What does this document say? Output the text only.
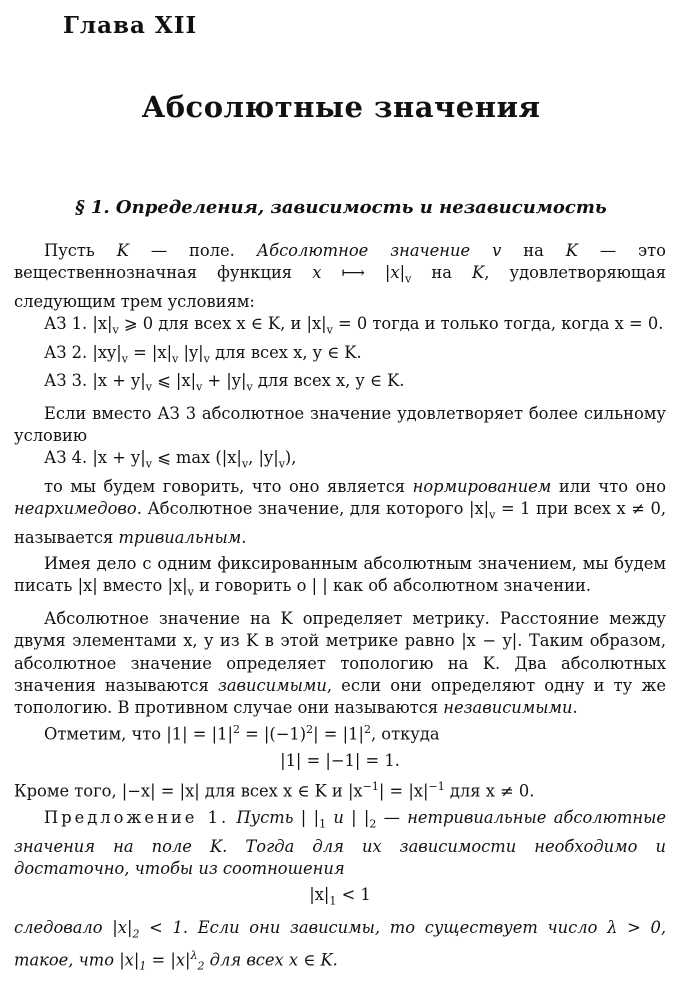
Глава XII
Абсолютные значения
§ 1. Определения, зависимость и независимость

Пусть K — поле. Абсолютное значение v на K — это вещественнозначная функция x ⟼ $|x|_v$ на K, удовлетворяющая следующим трем условиям:

АЗ 1. $|x|_v$ ⩾ 0 для всех x ∈ K, и $|x|_v = 0$ тогда и только тогда, когда x = 0.

АЗ 2. $|xy|_v = |x|_v$ $|y|_v$ для всех x, y ∈ K.

АЗ 3. $|x + y|_v$ ⩽ $|x|_v + |y|_v$ для всех x, y ∈ K.

Если вместо АЗ 3 абсолютное значение удовлетворяет более сильному условию

АЗ 4. $|x + y|_v$ ⩽ $\max (|x|_v$, $|y|_v$),

то мы будем говорить, что оно является нормированием или что оно неархимедово. Абсолютное значение, для которого $|x|_v = 1$ при всех x ≠ 0, называется тривиальным.

Имея дело с одним фиксированным абсолютным значением, мы будем писать |x| вместо $|x|_v$ и говорить о | | как об абсолютном значении.

Абсолютное значение на K определяет метрику. Расстояние между двумя элементами x, y из K в этой метрике равно |x − y|. Таким образом, абсолютное значение определяет топологию на K. Два абсолютных значения называются зависимыми, если они определяют одну и ту же топологию. В противном случае они называются независимыми.

Отметим, что $|1| = |1|^2 = |(-1)^2| = |1|^2$, откуда

|1| = |−1| = 1.

Кроме того, |−x| = |x| для всех x ∈ K и $|x^{-1}| = |x|^{-1}$ для x ≠ 0.

Предложение 1. Пусть | $|_1$ и | $|_2$ — нетривиальные абсолютные значения на поле K. Тогда для их зависимости необходимо и достаточно, чтобы из соотношения

$|x|_1 < 1$

следовало $|x|_2 < 1$. Если они зависимы, то существует число λ > 0, такое, что $|x|_1 = |x|^\lambda_2$ для всех x ∈ K.
